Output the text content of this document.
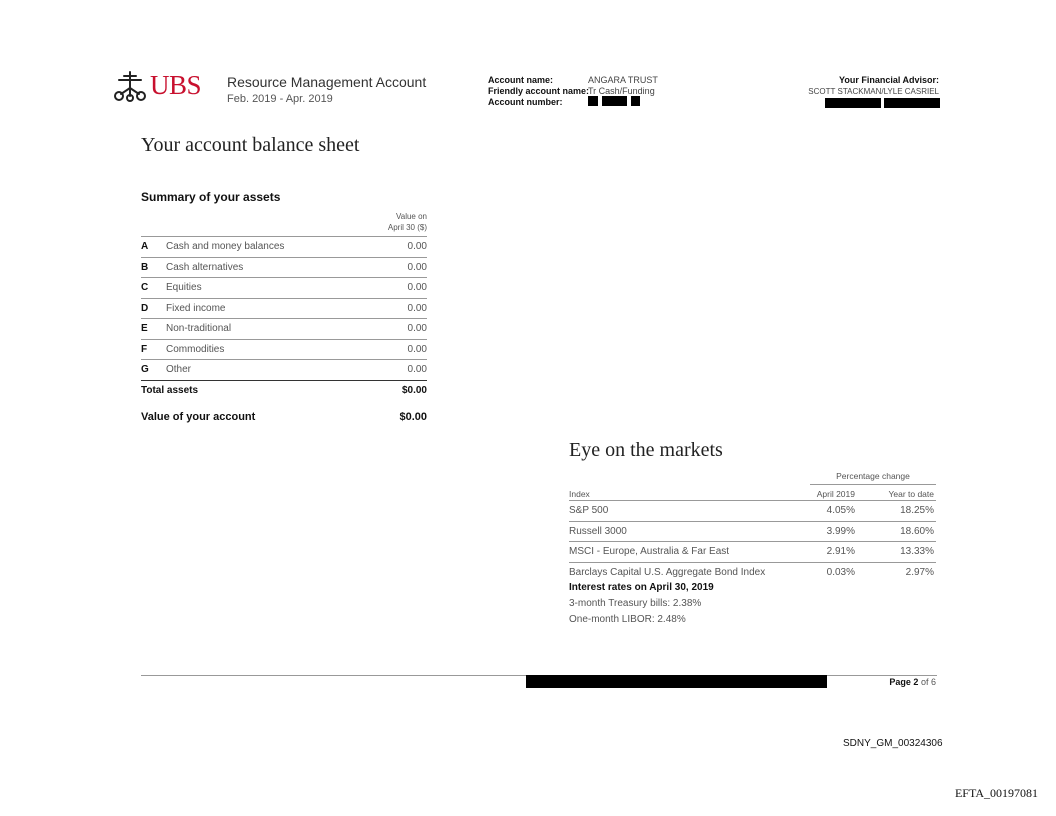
UBS Resource Management Account
Feb. 2019 - Apr. 2019
Account name:	ANGARA TRUST
Friendly account name:
Tr Cash/Funding
Account number:
Your Financial Advisor:
SCOTT STACKMAN/LYLE CASRIEL
Your account balance sheet
Summary of your assets
Value on
April 30 ($)
A Cash and money balances	0.00
B Cash alternatives	0.00
C Equities	0.00
D Fixed income	0.00
E Non-traditional	0.00
F Commodities	0.00
G Other	0.00
Total assets	$0.00
Value of your account	$0.00
Eye on the markets
Percentage change
Index	April 2019	Year to date
S&P 500	4.05%	18.25%
Russell 3000	3.99%	18.60%
MSCI - Europe, Australia & Far East	2.91%	13.33%
Barclays Capital U.S. Aggregate Bond Index	0.03%	2.97%
Interest rates on April 30, 2019
3-month Treasury bills: 2.38%
One-month LIBOR: 2.48%
Page 2 of 6
SDNY_GM_00324306
EFTA_00197081
